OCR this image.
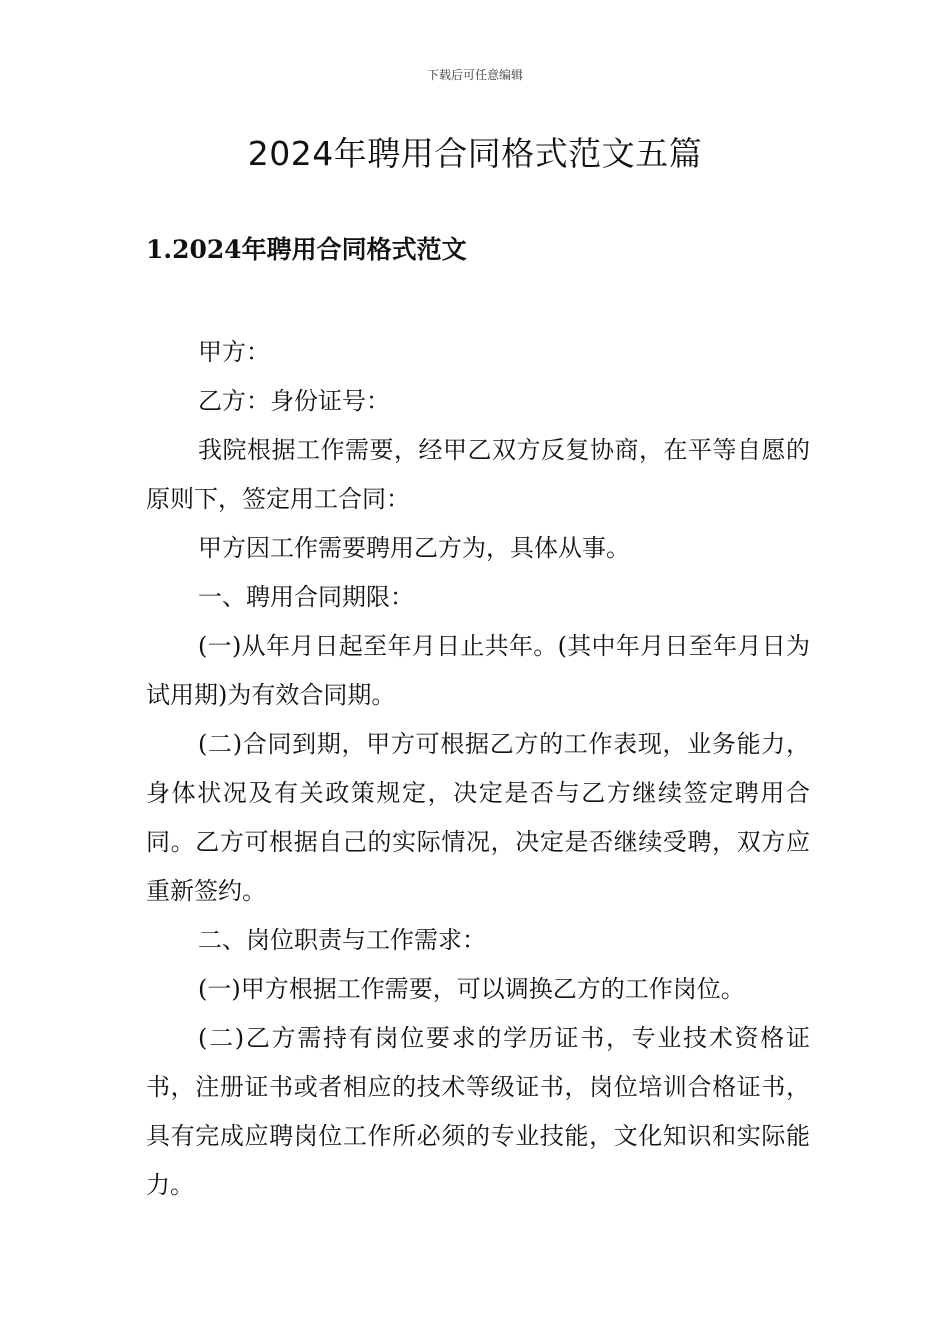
下载后可任意编辑
2024年聘用合同格式范文五篇
1.2024年聘用合同格式范文

甲方：

乙方：身份证号：

我院根据工作需要，经甲乙双方反复协商，在平等自愿的原则下，签定用工合同：

甲方因工作需要聘用乙方为，具体从事。

一、聘用合同期限：

(一)从年月日起至年月日止共年。(其中年月日至年月日为试用期)为有效合同期。

(二)合同到期，甲方可根据乙方的工作表现，业务能力，身体状况及有关政策规定，决定是否与乙方继续签定聘用合同。乙方可根据自己的实际情况，决定是否继续受聘，双方应重新签约。

二、岗位职责与工作需求：

(一)甲方根据工作需要，可以调换乙方的工作岗位。

(二)乙方需持有岗位要求的学历证书，专业技术资格证书，注册证书或者相应的技术等级证书，岗位培训合格证书，具有完成应聘岗位工作所必须的专业技能，文化知识和实际能力。
